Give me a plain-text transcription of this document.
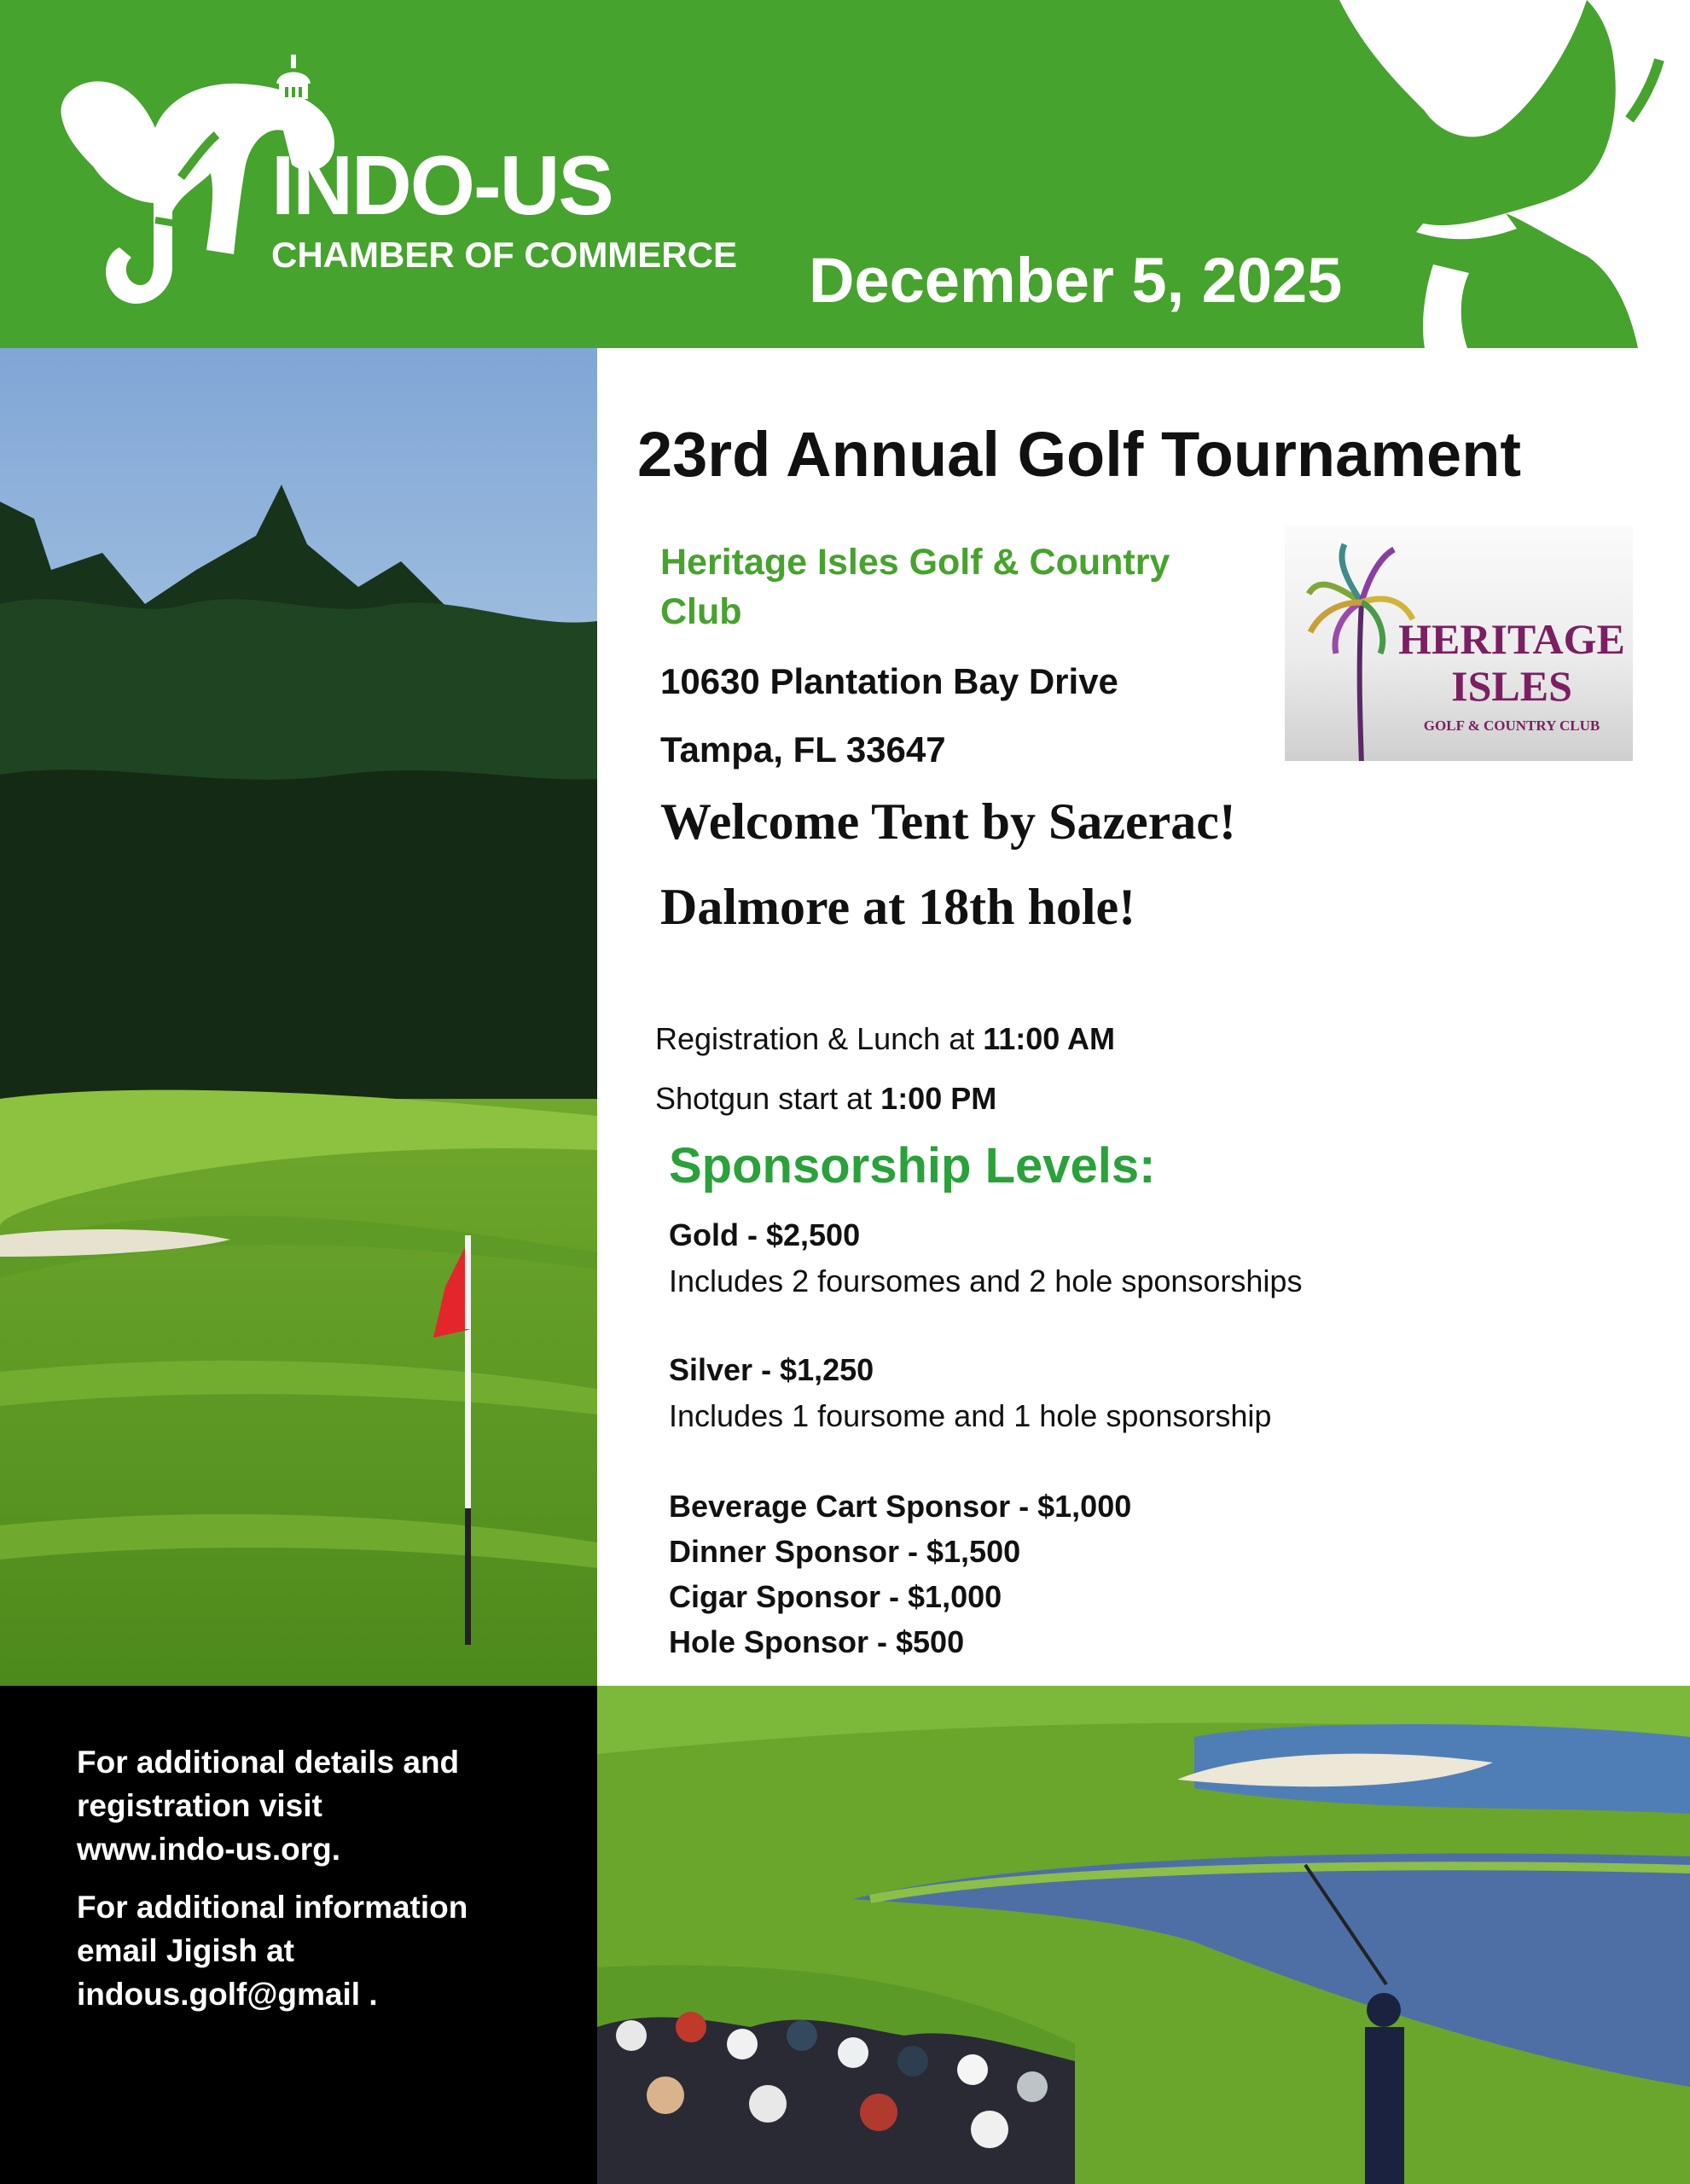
INDO-US
CHAMBER OF COMMERCE December 5, 2025
For additional details and
registration visit
www.indo-us.org.
For additional information
email Jigish at
indous.golf@gmail .
23rd Annual Golf Tournament
Heritage Isles Golf & Country
Club
10630 Plantation Bay Drive
Tampa, FL 33647
Welcome Tent by Sazerac!
Dalmore at 18th hole!
Registration & Lunch at 11:00 AM
Shotgun start at 1:00 PM
Sponsorship Levels:
Gold - $2,500
Includes 2 foursomes and 2 hole sponsorships
Silver - $1,250
Includes 1 foursome and 1 hole sponsorship
Beverage Cart Sponsor - $1,000
Dinner Sponsor - $1,500
Cigar Sponsor - $1,000
Hole Sponsor - $500
HERITAGE
ISLES
GOLF & COUNTRY CLUB
